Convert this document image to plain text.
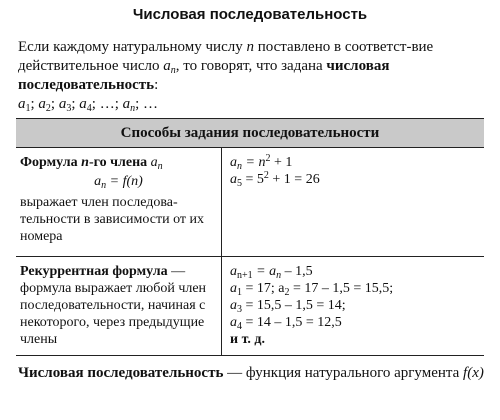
Числовая последовательность
Если каждому натуральному числу n поставлено в соответст-вие действительное число $a_n$, то говорят, что задана числовая последовательность:
$a_1$; $a_2$; $a_3$; $a_4$; …; $a_n$; …
Способы задания последовательности
Формула n-го члена $a_n$
$a_n = f(n)$
выражает член последова-тельности в зависимости от их номера
$a_n = n^2 + 1$
$a_5 = 5^2 + 1 = 26$
Рекуррентная формула — формула выражает любой член последовательности, начиная с некоторого, через предыдущие члены
$a_{n+1} = a_n - 1,5$
$a_1 = 17$; $a_2 = 17 - 1,5 = 15,5$;
$a_3 = 15,5 - 1,5 = 14$;
$a_4 = 14 - 1,5 = 12,5$
и т. д.
Числовая последовательность — функция натурального аргумента f(x)
